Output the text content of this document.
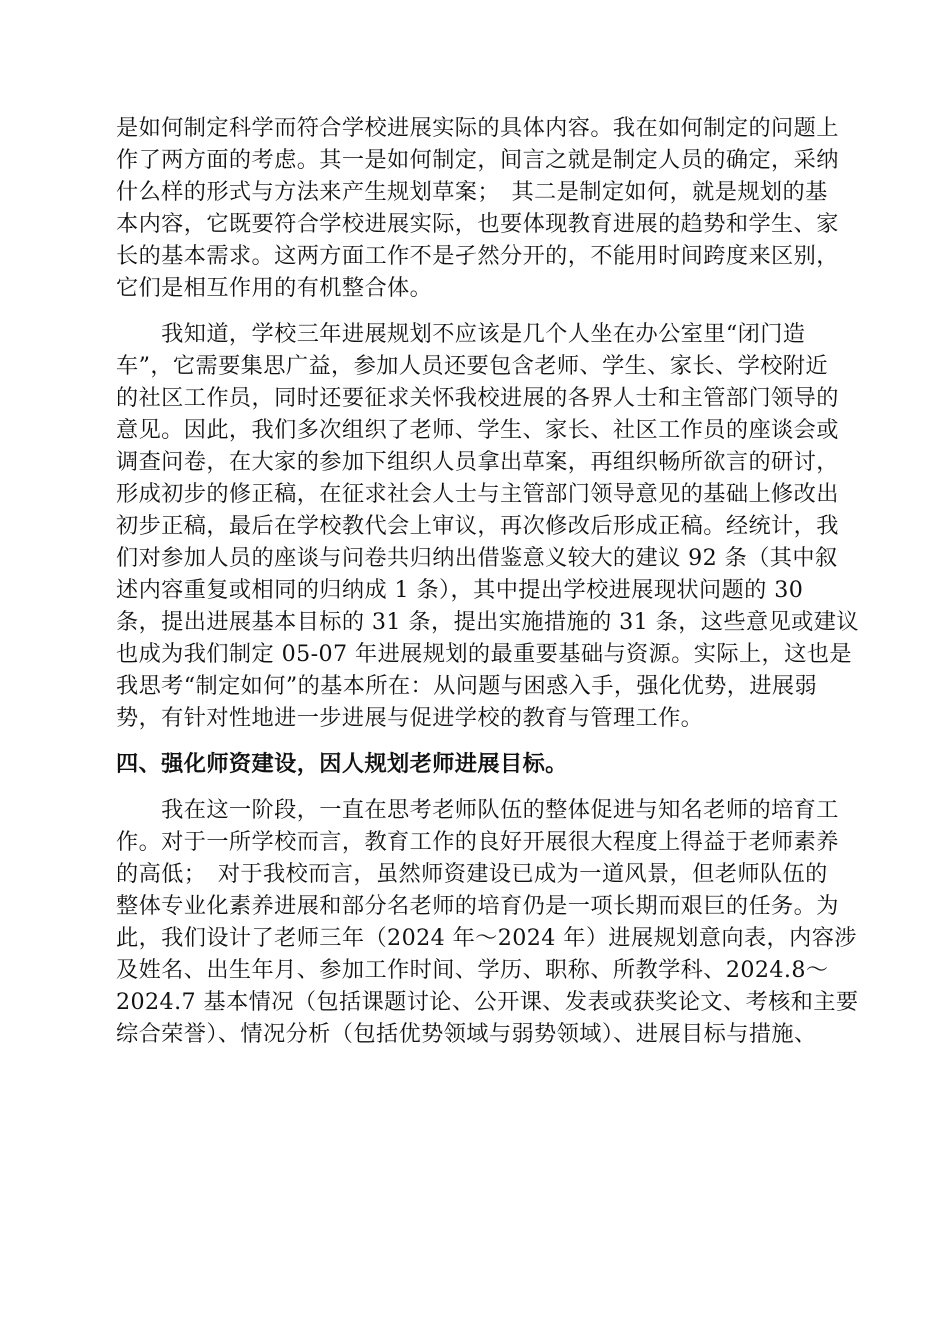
是如何制定科学而符合学校进展实际的具体内容。我在如何制定的问题上
作了两方面的考虑。其一是如何制定，间言之就是制定人员的确定，采纳
什么样的形式与方法来产生规划草案；　其二是制定如何，就是规划的基
本内容，它既要符合学校进展实际，也要体现教育进展的趋势和学生、家
长的基本需求。这两方面工作不是孑然分开的，不能用时间跨度来区别，
它们是相互作用的有机整合体。
　　我知道，学校三年进展规划不应该是几个人坐在办公室里“闭门造
车”，它需要集思广益，参加人员还要包含老师、学生、家长、学校附近
的社区工作员，同时还要征求关怀我校进展的各界人士和主管部门领导的
意见。因此，我们多次组织了老师、学生、家长、社区工作员的座谈会或
调查问卷，在大家的参加下组织人员拿出草案，再组织畅所欲言的研讨，
形成初步的修正稿，在征求社会人士与主管部门领导意见的基础上修改出
初步正稿，最后在学校教代会上审议，再次修改后形成正稿。经统计，我
们对参加人员的座谈与问卷共归纳出借鉴意义较大的建议 92 条（其中叙
述内容重复或相同的归纳成 1 条），其中提出学校进展现状问题的 30
条，提出进展基本目标的 31 条，提出实施措施的 31 条，这些意见或建议
也成为我们制定 05-07 年进展规划的最重要基础与资源。实际上，这也是
我思考“制定如何”的基本所在：从问题与困惑入手，强化优势，进展弱
势，有针对性地进一步进展与促进学校的教育与管理工作。
四、强化师资建设，因人规划老师进展目标。
　　我在这一阶段，一直在思考老师队伍的整体促进与知名老师的培育工
作。对于一所学校而言，教育工作的良好开展很大程度上得益于老师素养
的高低；　对于我校而言，虽然师资建设已成为一道风景，但老师队伍的
整体专业化素养进展和部分名老师的培育仍是一项长期而艰巨的任务。为
此，我们设计了老师三年（2024 年～2024 年）进展规划意向表，内容涉
及姓名、出生年月、参加工作时间、学历、职称、所教学科、2024.8～
2024.7 基本情况（包括课题讨论、公开课、发表或获奖论文、考核和主要
综合荣誉）、情况分析（包括优势领域与弱势领域）、进展目标与措施、
